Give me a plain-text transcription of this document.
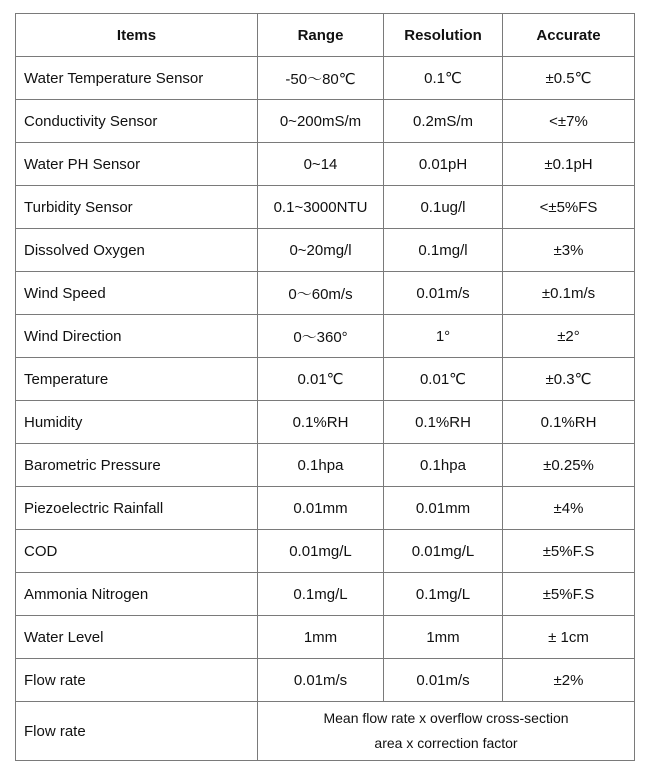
Items	Range	Resolution	Accurate
Water Temperature Sensor	-50～80℃	0.1℃	±0.5℃
Conductivity Sensor	0~200mS/m	0.2mS/m	<±7%
Water PH Sensor	0~14	0.01pH	±0.1pH
Turbidity Sensor	0.1~3000NTU	0.1ug/l	<±5%FS
Dissolved Oxygen	0~20mg/l	0.1mg/l	±3%
Wind Speed	0～60m/s	0.01m/s	±0.1m/s
Wind Direction	0～360°	1°	±2°
Temperature	0.01℃	0.01℃	±0.3℃
Humidity	0.1%RH	0.1%RH	0.1%RH
Barometric Pressure	0.1hpa	0.1hpa	±0.25%
Piezoelectric Rainfall	0.01mm	0.01mm	±4%
COD	0.01mg/L	0.01mg/L	±5%F.S
Ammonia Nitrogen	0.1mg/L	0.1mg/L	±5%F.S
Water Level	1mm	1mm	± 1cm
Flow rate	0.01m/s	0.01m/s	±2%
Flow rate	Mean flow rate x overflow cross-section
area x correction factor		
